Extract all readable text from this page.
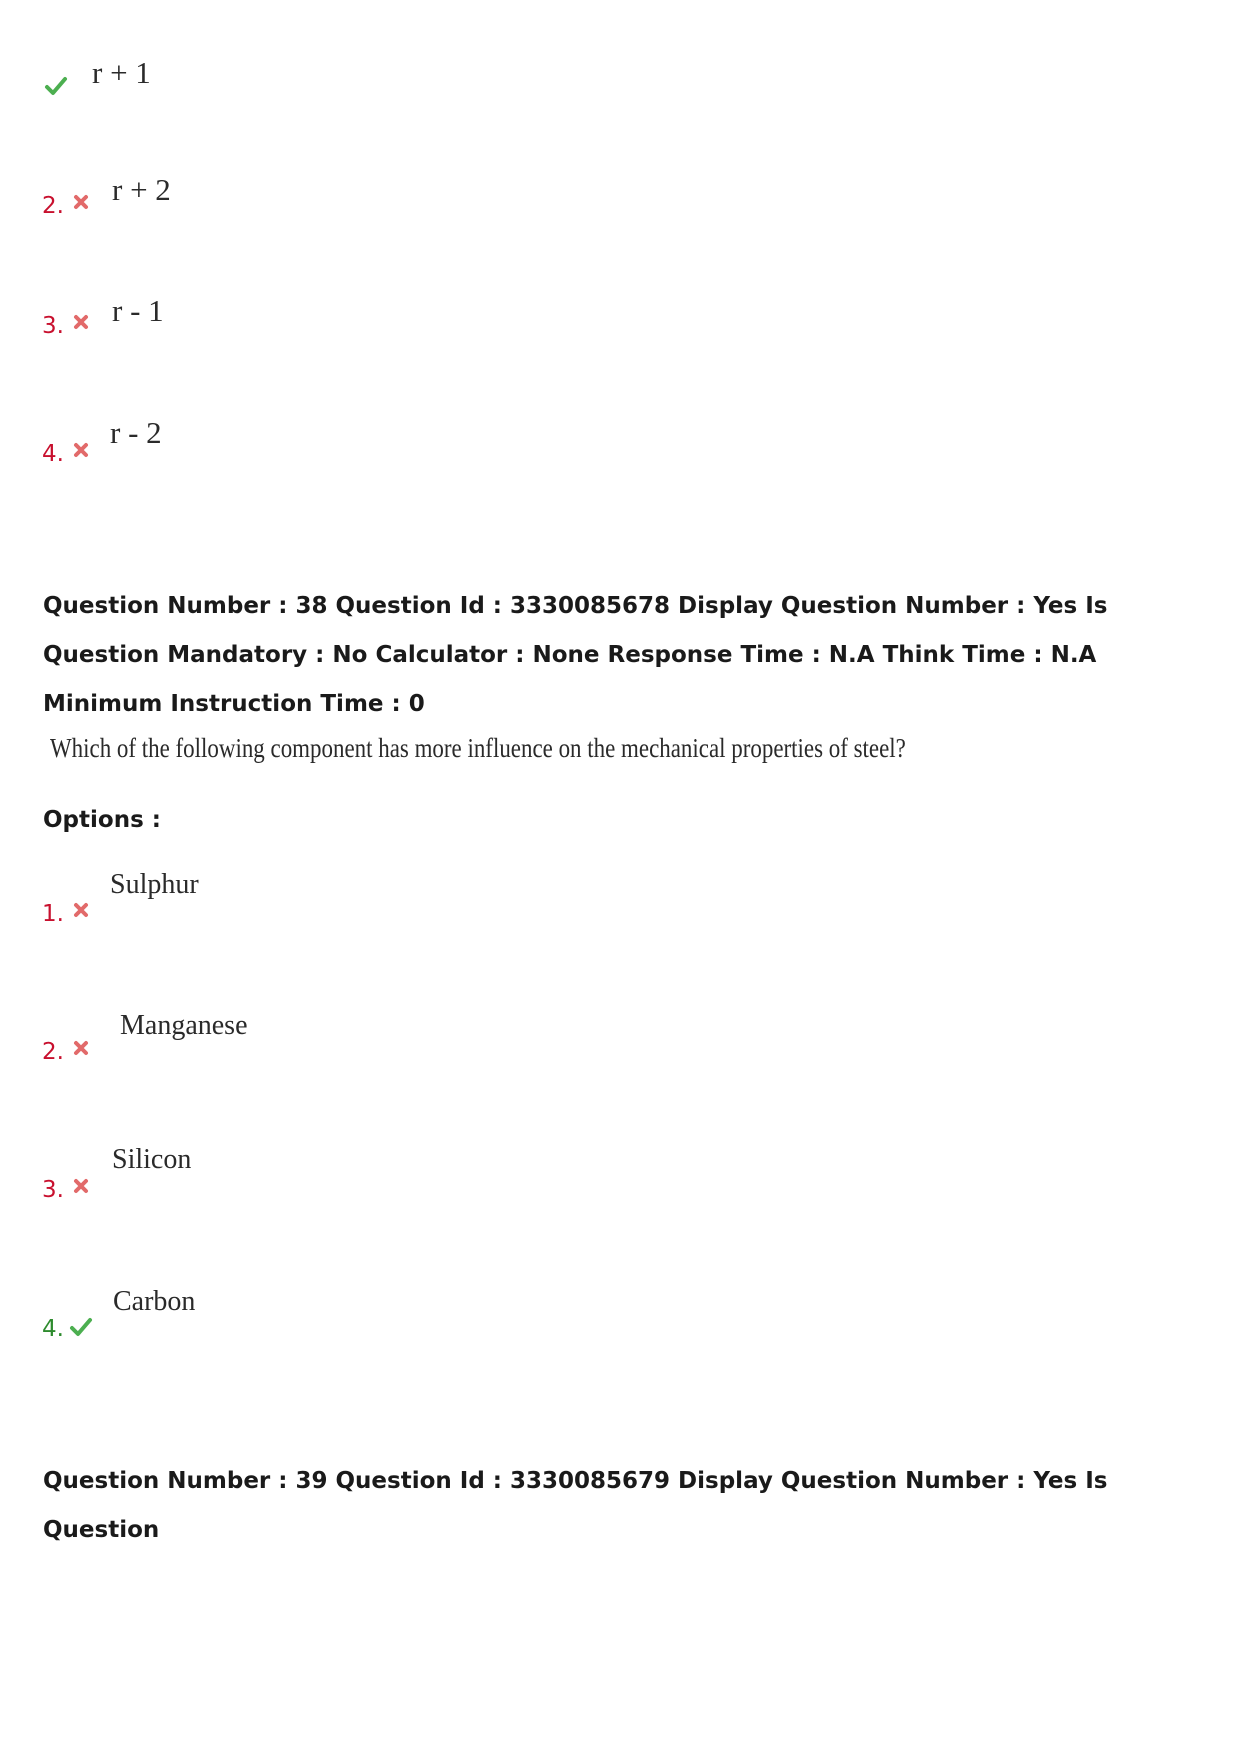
r + 1
2.	r + 2
3.	r - 1
4.
r - 2
Question Number : 38 Question Id : 3330085678 Display Question Number : Yes Is Question Mandatory : No Calculator : None Response Time : N.A Think Time : N.A Minimum Instruction Time : 0
Which of the following component has more influence on the mechanical properties of steel?
Options :
1.
Sulphur
2.
Manganese
3.
Silicon
4.
Carbon
Question Number : 39 Question Id : 3330085679 Display Question Number : Yes Is Question
